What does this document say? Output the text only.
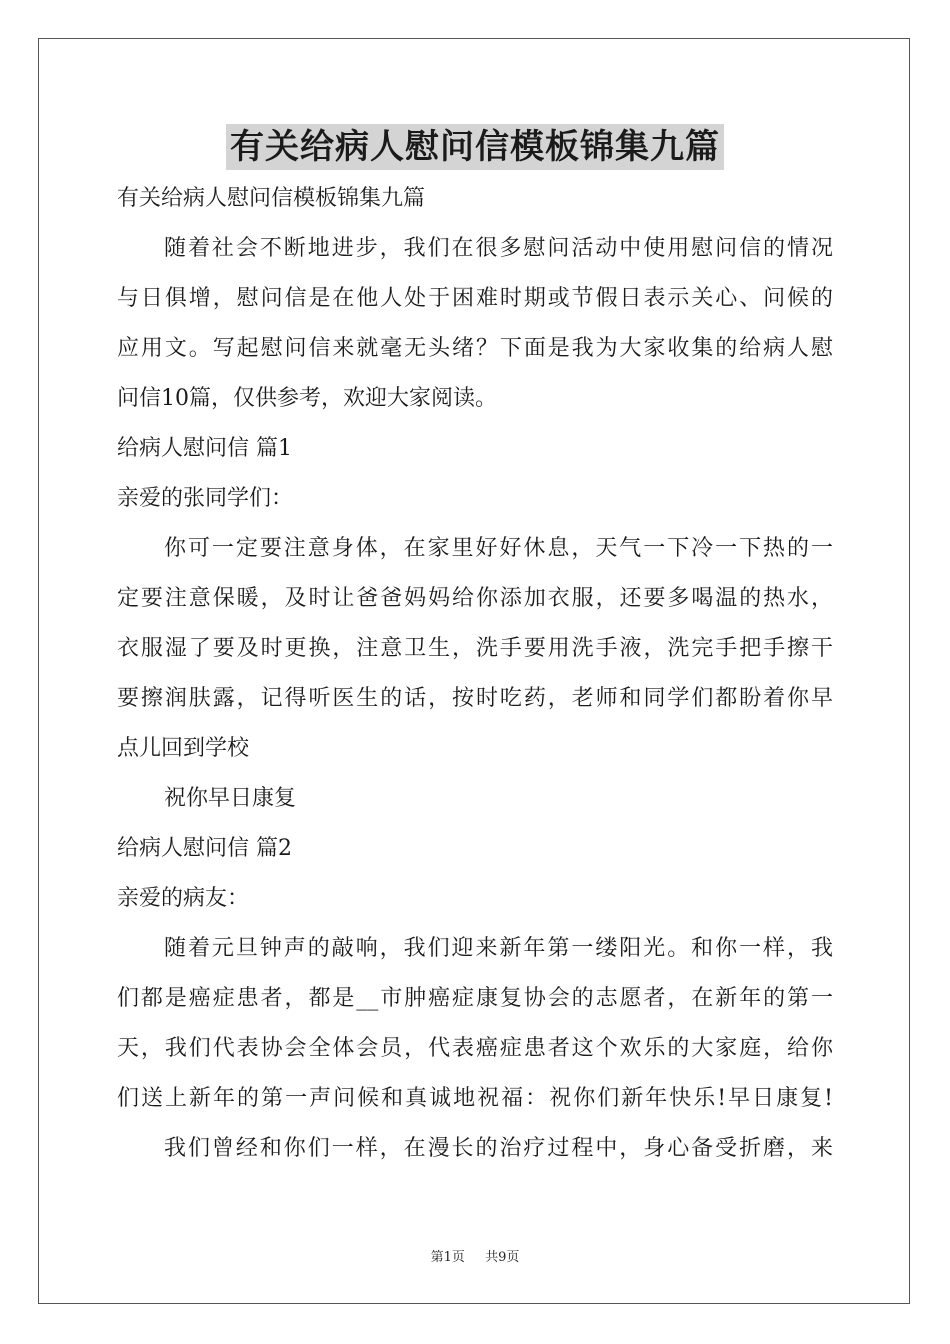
有关给病人慰问信模板锦集九篇

有关给病人慰问信模板锦集九篇

随着社会不断地进步，我们在很多慰问活动中使用慰问信的情况

与日俱增，慰问信是在他人处于困难时期或节假日表示关心、问候的

应用文。写起慰问信来就毫无头绪？下面是我为大家收集的给病人慰

问信10篇，仅供参考，欢迎大家阅读。

给病人慰问信 篇1

亲爱的张同学们：

你可一定要注意身体，在家里好好休息，天气一下冷一下热的一

定要注意保暖，及时让爸爸妈妈给你添加衣服，还要多喝温的热水，

衣服湿了要及时更换，注意卫生，洗手要用洗手液，洗完手把手擦干

要擦润肤露，记得听医生的话，按时吃药，老师和同学们都盼着你早

点儿回到学校

祝你早日康复

给病人慰问信 篇2

亲爱的病友：

随着元旦钟声的敲响，我们迎来新年第一缕阳光。和你一样，我

们都是癌症患者，都是__市肿癌症康复协会的志愿者，在新年的第一

天，我们代表协会全体会员，代表癌症患者这个欢乐的大家庭，给你

们送上新年的第一声问候和真诚地祝福：祝你们新年快乐!早日康复!

我们曾经和你们一样，在漫长的治疗过程中，身心备受折磨，来

第1页 共9页
